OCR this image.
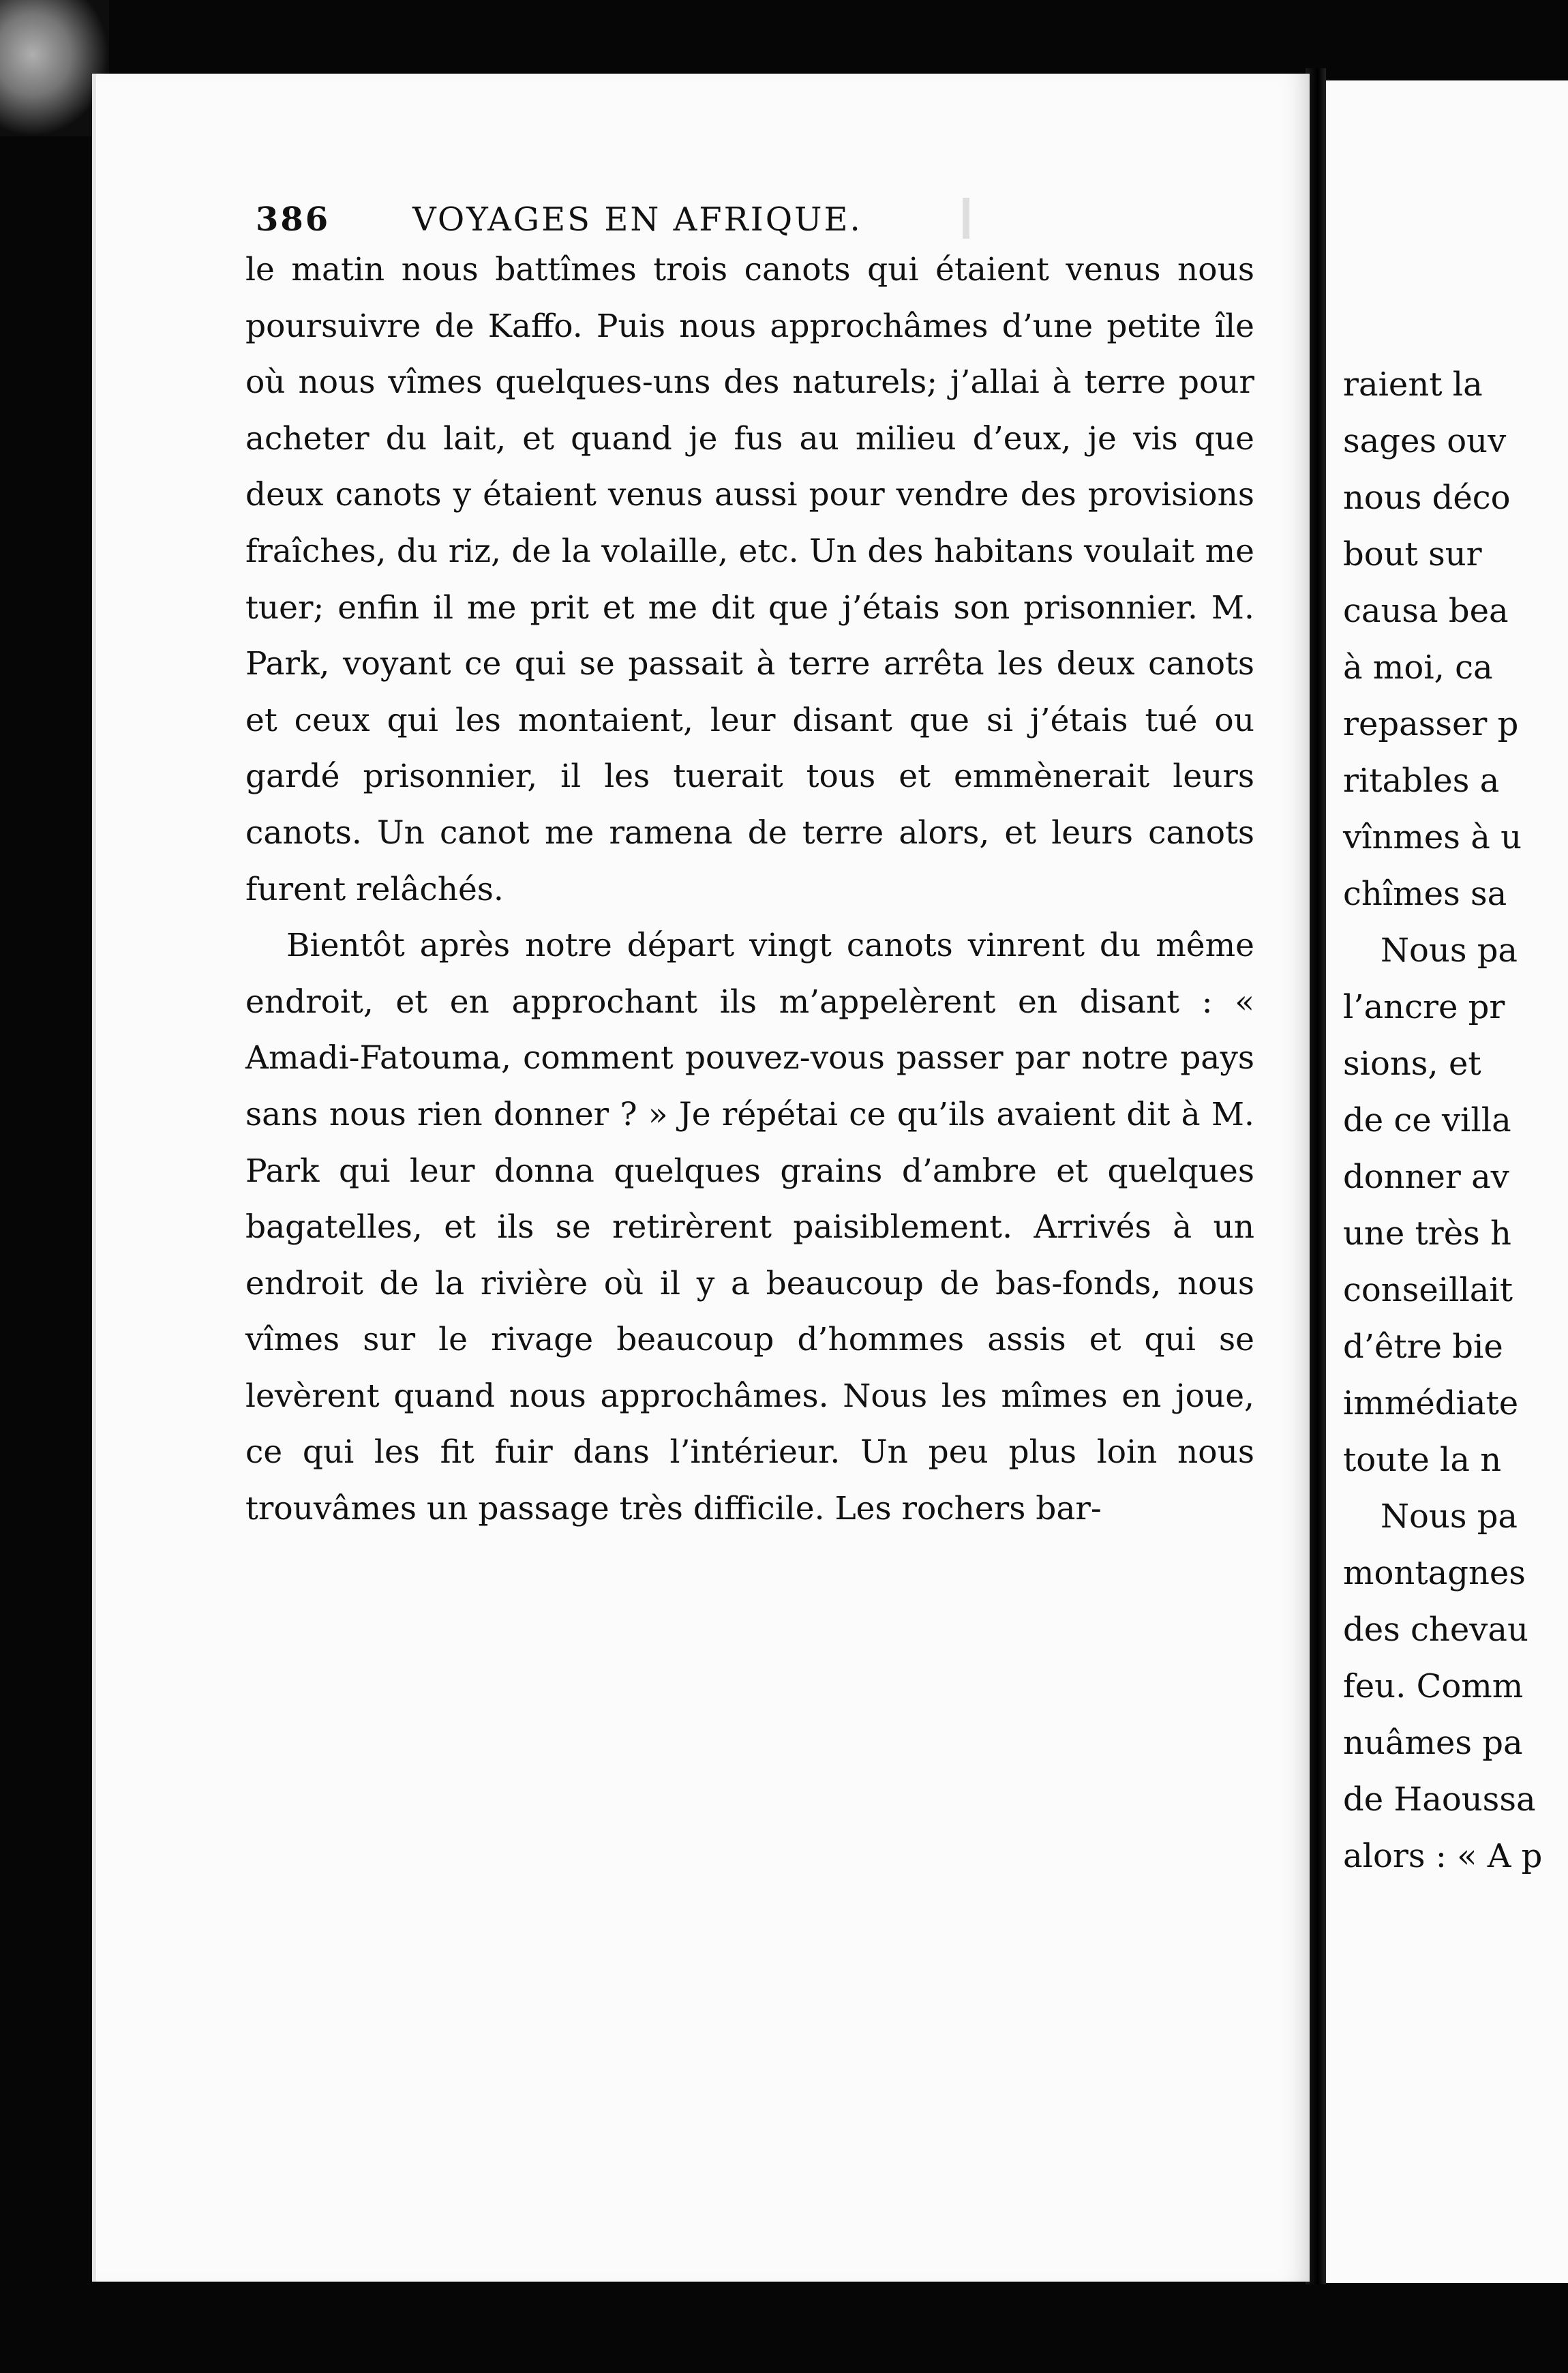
386	VOYAGES EN AFRIQUE.

le matin nous battîmes trois canots qui étaient venus nous poursuivre de Kaffo. Puis nous approchâmes d’une petite île où nous vîmes quelques-uns des naturels; j’allai à terre pour acheter du lait, et quand je fus au milieu d’eux, je vis que deux canots y étaient venus aussi pour vendre des provisions fraîches, du riz, de la volaille, etc. Un des habitans voulait me tuer; enfin il me prit et me dit que j’étais son prisonnier. M. Park, voyant ce qui se passait à terre arrêta les deux canots et ceux qui les montaient, leur disant que si j’étais tué ou gardé prisonnier, il les tuerait tous et emmènerait leurs canots. Un canot me ramena de terre alors, et leurs canots furent relâchés.

Bientôt après notre départ vingt canots vinrent du même endroit, et en approchant ils m’appelèrent en disant : « Amadi-Fatouma, comment pouvez-vous passer par notre pays sans nous rien donner ? » Je répétai ce qu’ils avaient dit à M. Park qui leur donna quelques grains d’ambre et quelques bagatelles, et ils se retirèrent paisiblement. Arrivés à un endroit de la rivière où il y a beaucoup de bas-fonds, nous vîmes sur le rivage beaucoup d’hommes assis et qui se levèrent quand nous approchâmes. Nous les mîmes en joue, ce qui les fit fuir dans l’intérieur. Un peu plus loin nous trouvâmes un passage très difficile. Les rochers bar-

raient la
sages ouv
nous déco
bout sur
causa bea
à moi, ca
repasser p
ritables a
vînmes à u
chîmes sa
Nous pa
l’ancre pr
sions, et
de ce villa
donner av
une très h
conseillait
d’être bie
immédiate
toute la n
Nous pa
montagnes
des chevau
feu. Comm
nuâmes pa
de Haoussa
alors : « A p
